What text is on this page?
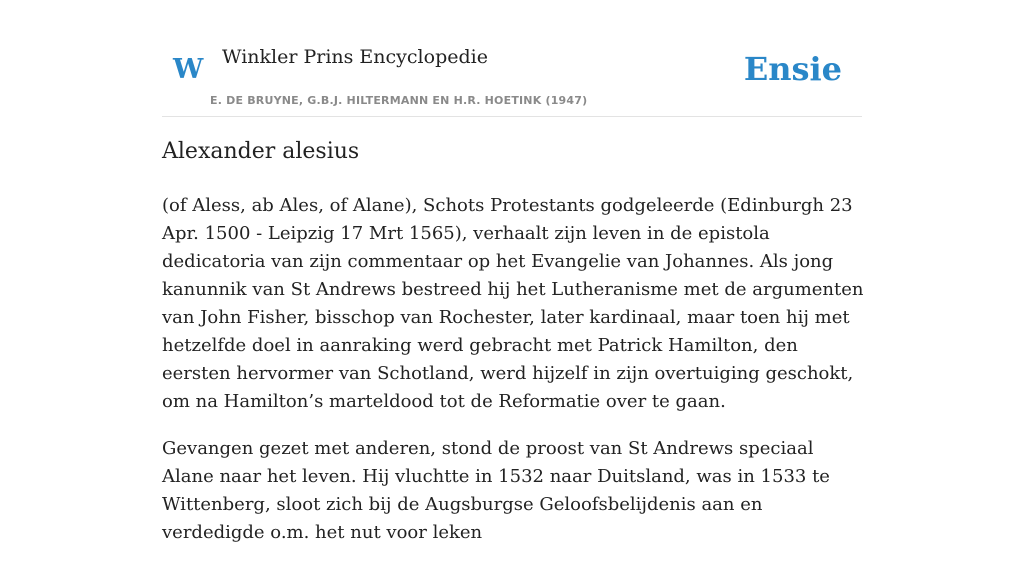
W Winkler Prins Encyclopedie
E. DE BRUYNE, G.B.J. HILTERMANN EN H.R. HOETINK (1947)
Ensie
Alexander alesius

(of Aless, ab Ales, of Alane), Schots Protestants godgeleerde (Edinburgh 23 Apr. 1500 - Leipzig 17 Mrt 1565), verhaalt zijn leven in de epistola dedicatoria van zijn commentaar op het Evangelie van Johannes. Als jong kanunnik van St Andrews bestreed hij het Lutheranisme met de argumenten van John Fisher, bisschop van Rochester, later kardinaal, maar toen hij met hetzelfde doel in aanraking werd gebracht met Patrick Hamilton, den eersten hervormer van Schotland, werd hijzelf in zijn overtuiging geschokt, om na Hamilton’s marteldood tot de Reformatie over te gaan.

Gevangen gezet met anderen, stond de proost van St Andrews speciaal Alane naar het leven. Hij vluchtte in 1532 naar Duitsland, was in 1533 te Wittenberg, sloot zich bij de Augsburgse Geloofsbelijdenis aan en verdedigde o.m. het nut voor leken
